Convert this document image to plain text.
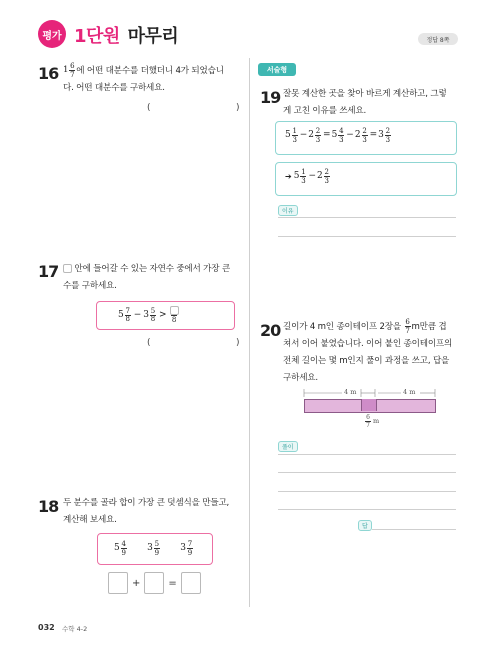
평가 1단원 마무리	정답 8쪽
16 $1 \frac{6}{7}$ 에 어떤 대분수를 더했더니 4가 되었습니
다. 어떤 대분수를 구하세요.
(	)
17	안에 들어갈 수 있는 자연수 중에서 가장 큰
수를 구하세요.
$5 \frac{7}{8} - 3 \frac{5}{8} > 8$
(	)
18 두 분수를 골라 합이 가장 큰 덧셈식을 만들고,
계산해 보세요.
$5 \frac{4}{9} 3 \frac{5}{9} 3 \frac{7}{9}$
+	=
서술형
19 잘못 계산한 곳을 찾아 바르게 계산하고, 그렇
게 고친 이유를 쓰세요.
$5 \frac{1}{3} - 2 \frac{2}{3} = 5 \frac{4}{3} - 2 \frac{2}{3} = 3 \frac{2}{3}$
➔ $5 \frac{1}{3} - 2 \frac{2}{3}$
이유
20 길이가 4 m인 종이테이프 2장을 $\frac{6}{7}$ m만큼 겹
쳐서 이어 붙였습니다. 이어 붙인 종이테이프의
전체 길이는 몇 m인지 풀이 과정을 쓰고, 답을
구하세요.
4 m	4 m
$\frac{6}{7}$ m
풀이
답
032 수학 4-2
